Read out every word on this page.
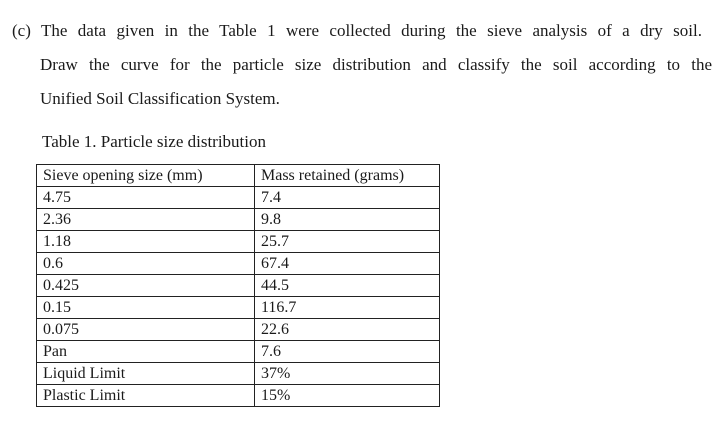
(c) The data given in the Table 1 were collected during the sieve analysis of a dry soil.
Draw the curve for the particle size distribution and classify the soil according to the
Unified Soil Classification System.
Table 1. Particle size distribution
Sieve opening size (mm)	Mass retained (grams)
4.75	7.4
2.36	9.8
1.18	25.7
0.6	67.4
0.425	44.5
0.15	116.7
0.075	22.6
Pan	7.6
Liquid Limit	37%
Plastic Limit	15%
